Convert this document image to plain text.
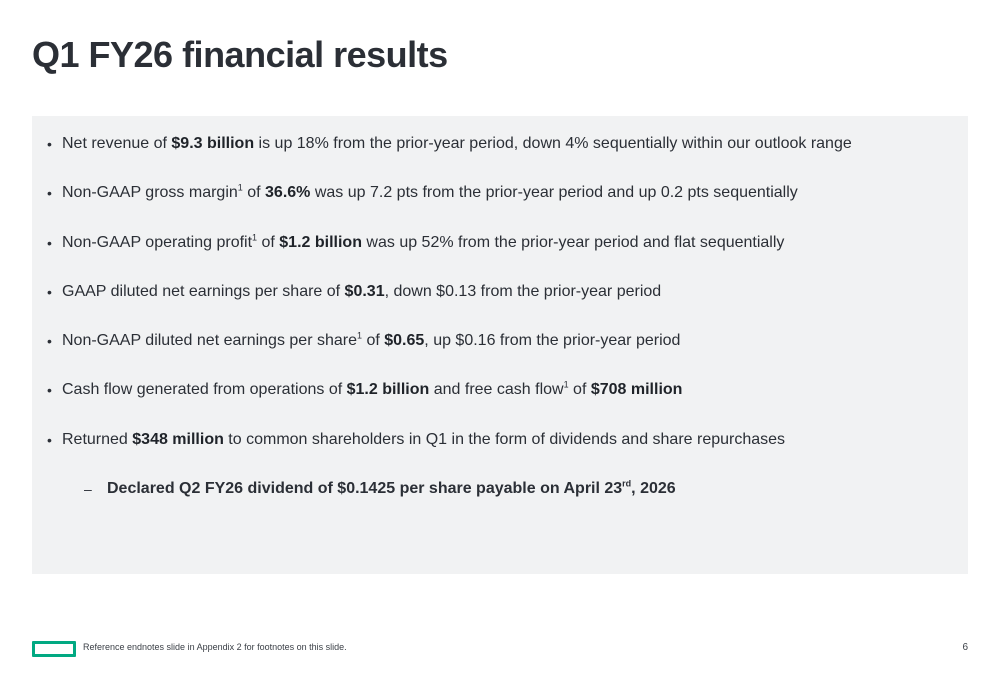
Q1 FY26 financial results
• Net revenue of $9.3 billion is up 18% from the prior-year period, down 4% sequentially within our outlook range
• Non-GAAP gross margin$^1$ of 36.6% was up 7.2 pts from the prior-year period and up 0.2 pts sequentially
• Non-GAAP operating profit$^1$ of $1.2 billion was up 52% from the prior-year period and flat sequentially
• GAAP diluted net earnings per share of $0.31, down $0.13 from the prior-year period
• Non-GAAP diluted net earnings per share$^1$ of $0.65, up $0.16 from the prior-year period
• Cash flow generated from operations of $1.2 billion and free cash flow$^1$ of $708 million
• Returned $348 million to common shareholders in Q1 in the form of dividends and share repurchases
– Declared Q2 FY26 dividend of $0.1425 per share payable on April 23rd, 2026
Reference endnotes slide in Appendix 2 for footnotes on this slide.	6
